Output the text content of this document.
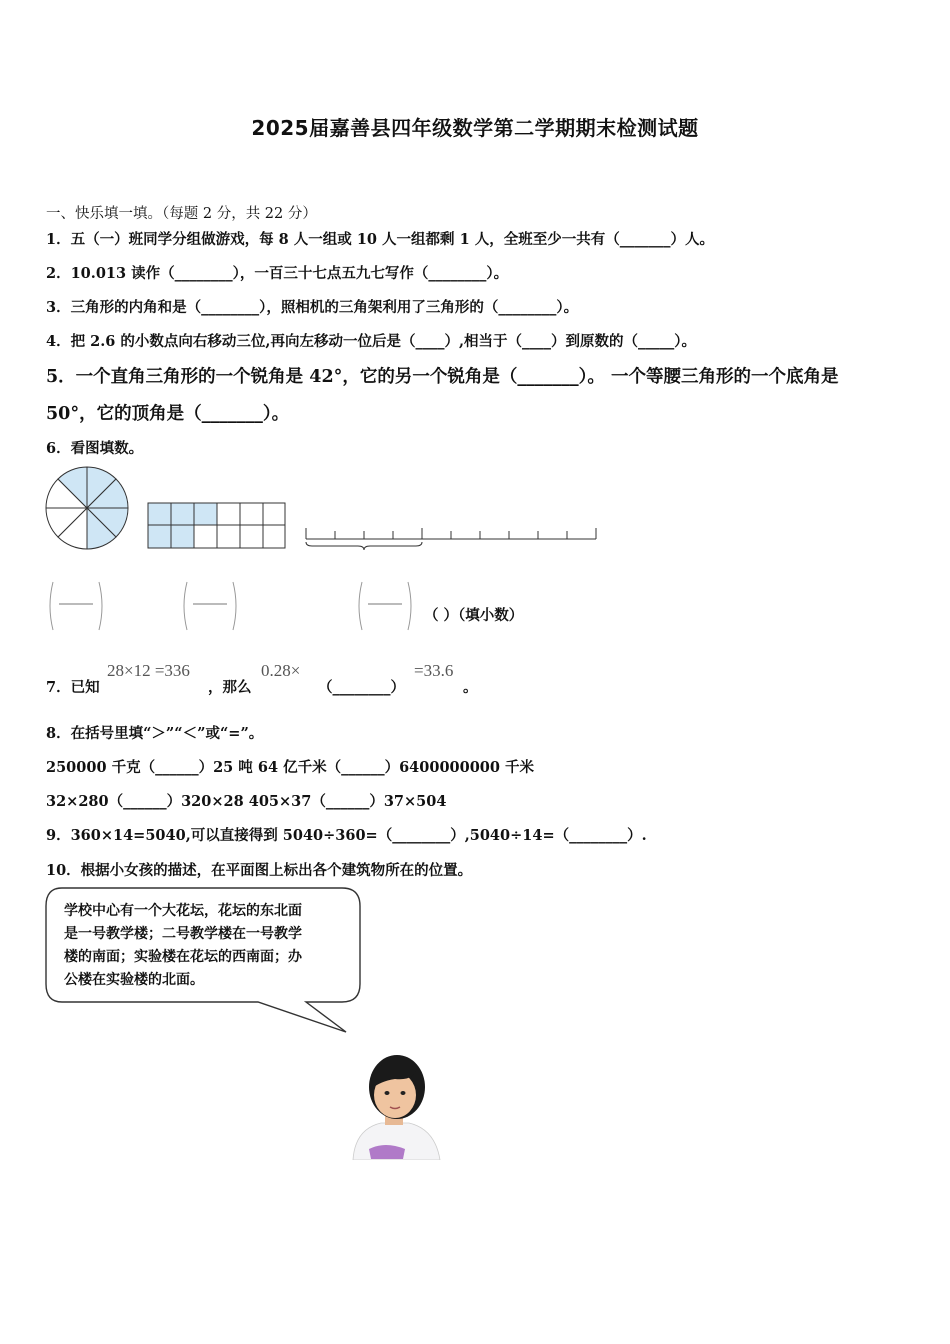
2025届嘉善县四年级数学第二学期期末检测试题
一、快乐填一填。（每题 2 分，共 22 分）
1．五（一）班同学分组做游戏，每 8 人一组或 10 人一组都剩 1 人，全班至少一共有（_______）人。
2．10.013 读作（________），一百三十七点五九七写作（________）。
3．三角形的内角和是（________），照相机的三角架利用了三角形的（________）。
4．把 2.6 的小数点向右移动三位,再向左移动一位后是（____）,相当于（____）到原数的（_____）。
5．一个直角三角形的一个锐角是 42°，它的另一个锐角是（_______）。 一个等腰三角形的一个底角是
50°，它的顶角是（_______）。
6．看图填数。
（ ）（填小数）
7．已知
28×12 =336
，那么
0.28×
（________）
=33.6
。
8．在括号里填“＞”“＜”或“=”。
250000 千克（______）25 吨 64 亿千米（______）6400000000 千米
32×280（______）320×28 405×37（______）37×504
9．360×14=5040,可以直接得到 5040÷360=（________）,5040÷14=（________）.
10．根据小女孩的描述，在平面图上标出各个建筑物所在的位置。
学校中心有一个大花坛，花坛的东北面
是一号教学楼；二号教学楼在一号教学
楼的南面；实验楼在花坛的西南面；办
公楼在实验楼的北面。
